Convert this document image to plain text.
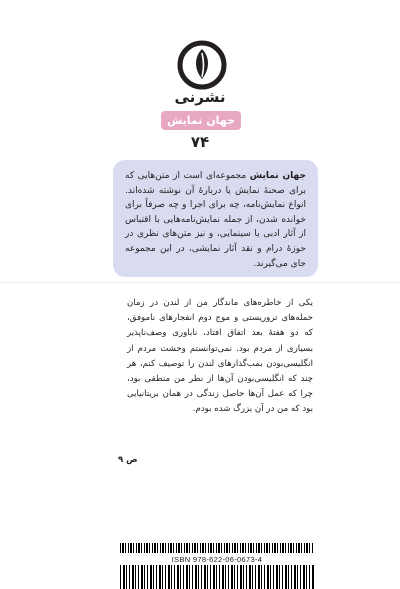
نشرنی
جهان نمایش
۷۴
جهان نمایش مجموعه‌ای است از متن‌هایی که برای صحنهٔ نمایش یا دربارهٔ آن نوشته شده‌اند. انواع نمایش‌نامه، چه برای اجرا و چه صرفاً برای خوانده شدن، از جمله نمایش‌نامه‌هایی با اقتباس از آثار ادبی یا سینمایی، و نیز متن‌های نظری در حوزهٔ درام و نقد آثار نمایشی، در این مجموعه جای می‌گیرند.
یکی از خاطره‌های ماندگار من از لندن در زمان حمله‌های تروریستی و موج دوم انفجارهای ناموفق، که دو هفتهٔ بعد اتفاق افتاد، ناباوری وصف‌ناپذیر بسیاری از مردم بود. نمی‌توانستم وحشت مردم از انگلیسی‌بودن بمب‌گذارهای لندن را توصیف کنم، هر چند که انگلیسی‌بودن آن‌ها از نظر من منطقی بود، چرا که عمل آن‌ها حاصل زندگی در همان بریتانیایی بود که من در آن بزرگ شده بودم.
ص ۹
ISBN 978-622-06-0673-4
